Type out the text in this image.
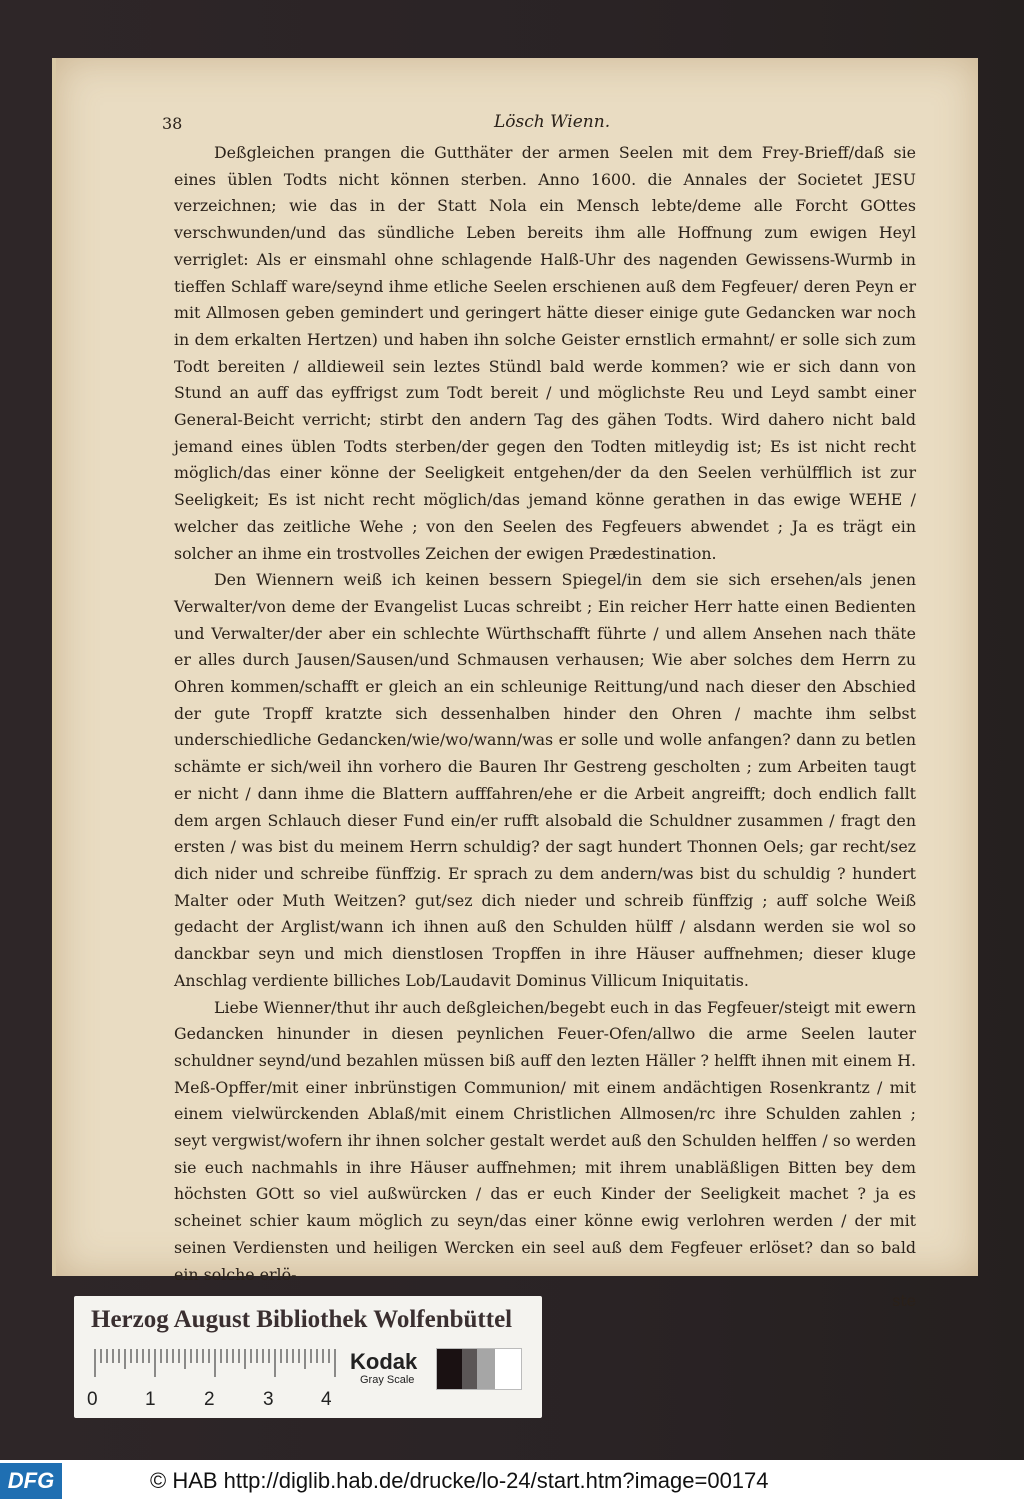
38	Lösch Wienn.

Deßgleichen prangen die Gutthäter der armen Seelen mit dem Frey-Brieff/daß sie eines üblen Todts nicht können sterben. Anno 1600. die Annales der Societet JESU verzeichnen; wie das in der Statt Nola ein Mensch lebte/deme alle Forcht GOttes verschwunden/und das sündliche Leben bereits ihm alle Hoffnung zum ewigen Heyl verriglet: Als er einsmahl ohne schlagende Halß-Uhr des nagenden Gewissens-Wurmb in tieffen Schlaff ware/seynd ihme etliche Seelen erschienen auß dem Fegfeuer/ deren Peyn er mit Allmosen geben gemindert und geringert hätte dieser einige gute Gedancken war noch in dem erkalten Hertzen) und haben ihn solche Geister ernstlich ermahnt/ er solle sich zum Todt bereiten / alldieweil sein leztes Stündl bald werde kommen? wie er sich dann von Stund an auff das eyffrigst zum Todt bereit / und möglichste Reu und Leyd sambt einer General-Beicht verricht; stirbt den andern Tag des gähen Todts. Wird dahero nicht bald jemand eines üblen Todts sterben/der gegen den Todten mitleydig ist; Es ist nicht recht möglich/das einer könne der Seeligkeit entgehen/der da den Seelen verhülfflich ist zur Seeligkeit; Es ist nicht recht möglich/das jemand könne gerathen in das ewige WEHE / welcher das zeitliche Wehe ; von den Seelen des Fegfeuers abwendet ; Ja es trägt ein solcher an ihme ein trostvolles Zeichen der ewigen Prædestination.

Den Wiennern weiß ich keinen bessern Spiegel/in dem sie sich ersehen/als jenen Verwalter/von deme der Evangelist Lucas schreibt ; Ein reicher Herr hatte einen Bedienten und Verwalter/der aber ein schlechte Würthschafft führte / und allem Ansehen nach thäte er alles durch Jausen/Sausen/und Schmausen verhausen; Wie aber solches dem Herrn zu Ohren kommen/schafft er gleich an ein schleunige Reittung/und nach dieser den Abschied der gute Tropff kratzte sich dessenhalben hinder den Ohren / machte ihm selbst underschiedliche Gedancken/wie/wo/wann/was er solle und wolle anfangen? dann zu betlen schämte er sich/weil ihn vorhero die Bauren Ihr Gestreng gescholten ; zum Arbeiten taugt er nicht / dann ihme die Blattern aufffahren/ehe er die Arbeit angreifft; doch endlich fallt dem argen Schlauch dieser Fund ein/er rufft alsobald die Schuldner zusammen / fragt den ersten / was bist du meinem Herrn schuldig? der sagt hundert Thonnen Oels; gar recht/sez dich nider und schreibe fünffzig. Er sprach zu dem andern/was bist du schuldig ? hundert Malter oder Muth Weitzen? gut/sez dich nieder und schreib fünffzig ; auff solche Weiß gedacht der Arglist/wann ich ihnen auß den Schulden hülff / alsdann werden sie wol so danckbar seyn und mich dienstlosen Tropffen in ihre Häuser auffnehmen; dieser kluge Anschlag verdiente billiches Lob/Laudavit Dominus Villicum Iniquitatis.

Liebe Wienner/thut ihr auch deßgleichen/begebt euch in das Fegfeuer/steigt mit ewern Gedancken hinunder in diesen peynlichen Feuer-Ofen/allwo die arme Seelen lauter schuldner seynd/und bezahlen müssen biß auff den lezten Häller ? helfft ihnen mit einem H. Meß-Opffer/mit einer inbrünstigen Communion/ mit einem andächtigen Rosenkrantz / mit einem vielwürckenden Ablaß/mit einem Christlichen Allmosen/rc ihre Schulden zahlen ; seyt vergwist/wofern ihr ihnen solcher gestalt werdet auß den Schulden helffen / so werden sie euch nachmahls in ihre Häuser auffnehmen; mit ihrem unabläßligen Bitten bey dem höchsten GOtt so viel außwürcken / das er euch Kinder der Seeligkeit machet ? ja es scheinet schier kaum möglich zu seyn/das einer könne ewig verlohren werden / der mit seinen Verdiensten und heiligen Wercken ein seel auß dem Fegfeuer erlöset? dan so bald ein solche erlö-

ste
Herzog August Bibliothek Wolfenbüttel
0 1	2	3 4
Kodak
Gray Scale
DFG	© HAB http://diglib.hab.de/drucke/lo-24/start.htm?image=00174
